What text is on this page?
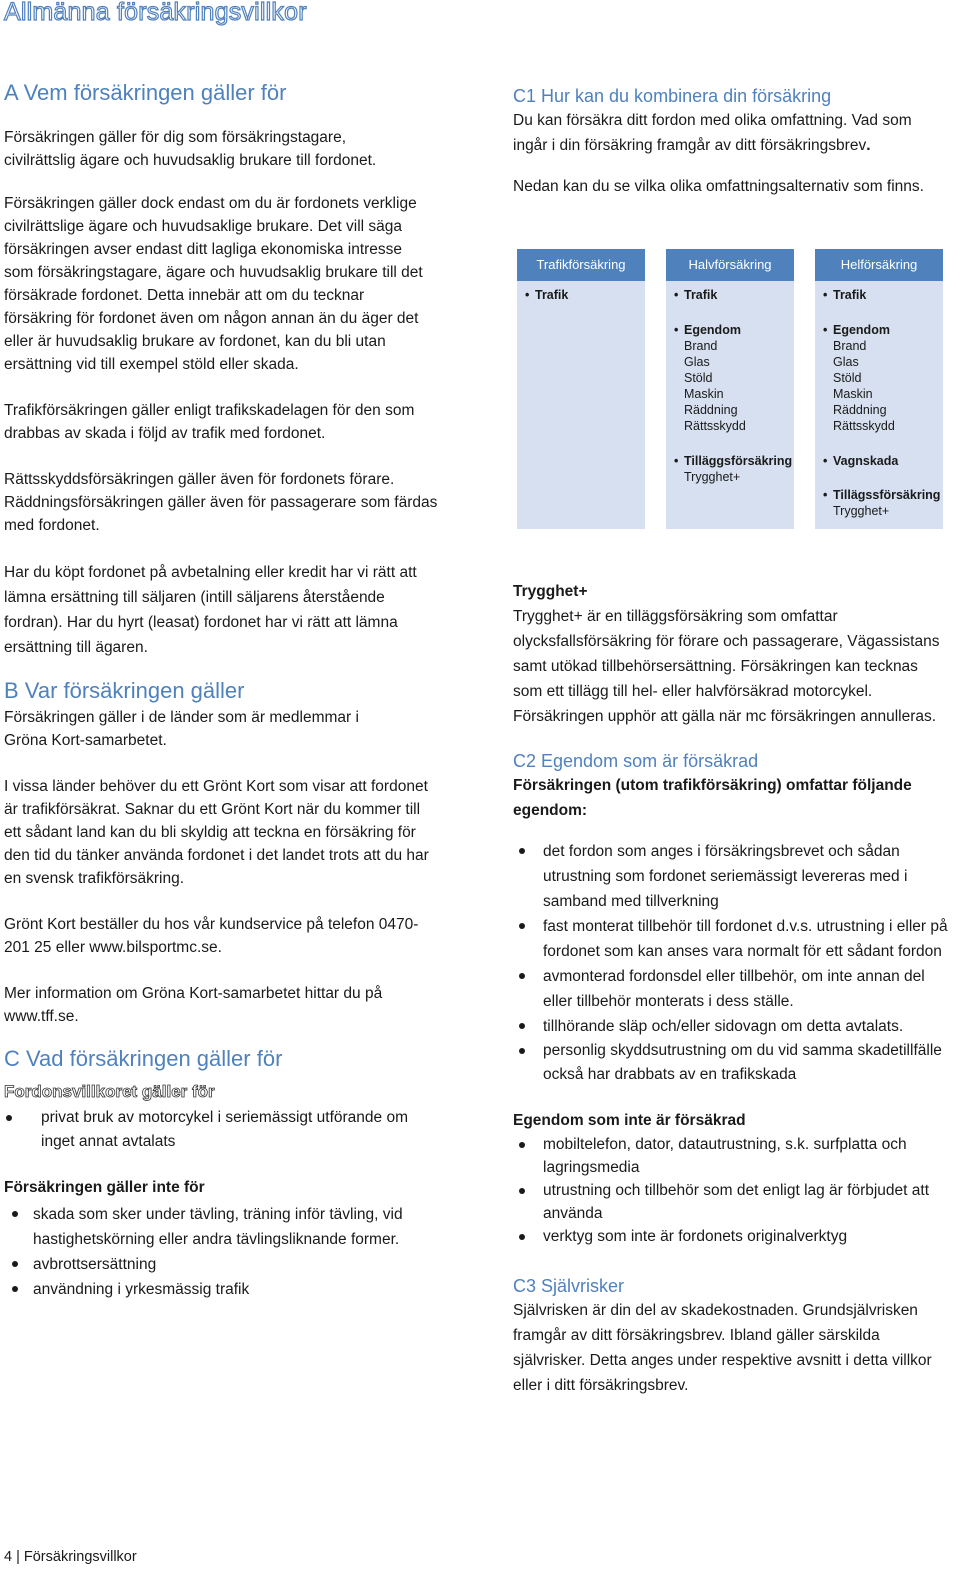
Allmänna försäkringsvillkor
A Vem försäkringen gäller för

Försäkringen gäller för dig som försäkringstagare, civilrättslig ägare och huvudsaklig brukare till fordonet.

Försäkringen gäller dock endast om du är fordonets verklige civilrättslige ägare och huvudsaklige brukare. Det vill säga försäkringen avser endast ditt lagliga ekonomiska intresse som försäkringstagare, ägare och huvudsaklig brukare till det försäkrade fordonet. Detta innebär att om du tecknar försäkring för fordonet även om någon annan än du äger det eller är huvudsaklig brukare av fordonet, kan du bli utan ersättning vid till exempel stöld eller skada.

Trafikförsäkringen gäller enligt trafikskadelagen för den som drabbas av skada i följd av trafik med fordonet.

Rättsskyddsförsäkringen gäller även för fordonets förare. Räddningsförsäkringen gäller även för passagerare som färdas med fordonet.

Har du köpt fordonet på avbetalning eller kredit har vi rätt att lämna ersättning till säljaren (intill säljarens återstående fordran). Har du hyrt (leasat) fordonet har vi rätt att lämna ersättning till ägaren.

B Var försäkringen gäller

Försäkringen gäller i de länder som är medlemmar i Gröna Kort-samarbetet.

I vissa länder behöver du ett Grönt Kort som visar att fordonet är trafikförsäkrat. Saknar du ett Grönt Kort när du kommer till ett sådant land kan du bli skyldig att teckna en försäkring för den tid du tänker använda fordonet i det landet trots att du har en svensk trafikförsäkring.

Grönt Kort beställer du hos vår kundservice på telefon 0470-201 25 eller www.bilsportmc.se.

Mer information om Gröna Kort-samarbetet hittar du på www.tff.se.

C Vad försäkringen gäller för
Fordonsvillkoret gäller för
privat bruk av motorcykel i seriemässigt utförande om inget annat avtalats
Försäkringen gäller inte för
skada som sker under tävling, träning inför tävling, vid hastighetskörning eller andra tävlingsliknande former.
avbrottsersättning
användning i yrkesmässig trafik
C1 Hur kan du kombinera din försäkring

Du kan försäkra ditt fordon med olika omfattning. Vad som ingår i din försäkring framgår av ditt försäkringsbrev.

Nedan kan du se vilka olika omfattningsalternativ som finns.

Trafikförsäkring
• Trafik
Halvförsäkring
• Trafik
• Egendom
Brand
Glas
Stöld
Maskin
Räddning
Rättsskydd
• Tilläggsförsäkring
Trygghet+
Helförsäkring
• Trafik
• Egendom
Brand
Glas
Stöld
Maskin
Räddning
Rättsskydd
• Vagnskada
• Tillägssförsäkring
Trygghet+
Trygghet+

Trygghet+ är en tilläggsförsäkring som omfattar olycksfallsförsäkring för förare och passagerare, Vägassistans samt utökad tillbehörsersättning. Försäkringen kan tecknas som ett tillägg till hel- eller halvförsäkrad motorcykel. Försäkringen upphör att gälla när mc försäkringen annulleras.

C2 Egendom som är försäkrad

Försäkringen (utom trafikförsäkring) omfattar följande egendom:

det fordon som anges i försäkringsbrevet och sådan utrustning som fordonet seriemässigt levereras med i samband med tillverkning
fast monterat tillbehör till fordonet d.v.s. utrustning i eller på fordonet som kan anses vara normalt för ett sådant fordon
avmonterad fordonsdel eller tillbehör, om inte annan del eller tillbehör monterats i dess ställe.
tillhörande släp och/eller sidovagn om detta avtalats.
personlig skyddsutrustning om du vid samma skadetillfälle också har drabbats av en trafikskada
Egendom som inte är försäkrad
mobiltelefon, dator, datautrustning, s.k. surfplatta och lagringsmedia
utrustning och tillbehör som det enligt lag är förbjudet att använda
verktyg som inte är fordonets originalverktyg
C3 Självrisker

Självrisken är din del av skadekostnaden. Grundsjälvrisken framgår av ditt försäkringsbrev. Ibland gäller särskilda självrisker. Detta anges under respektive avsnitt i detta villkor eller i ditt försäkringsbrev.

4 | Försäkringsvillkor
